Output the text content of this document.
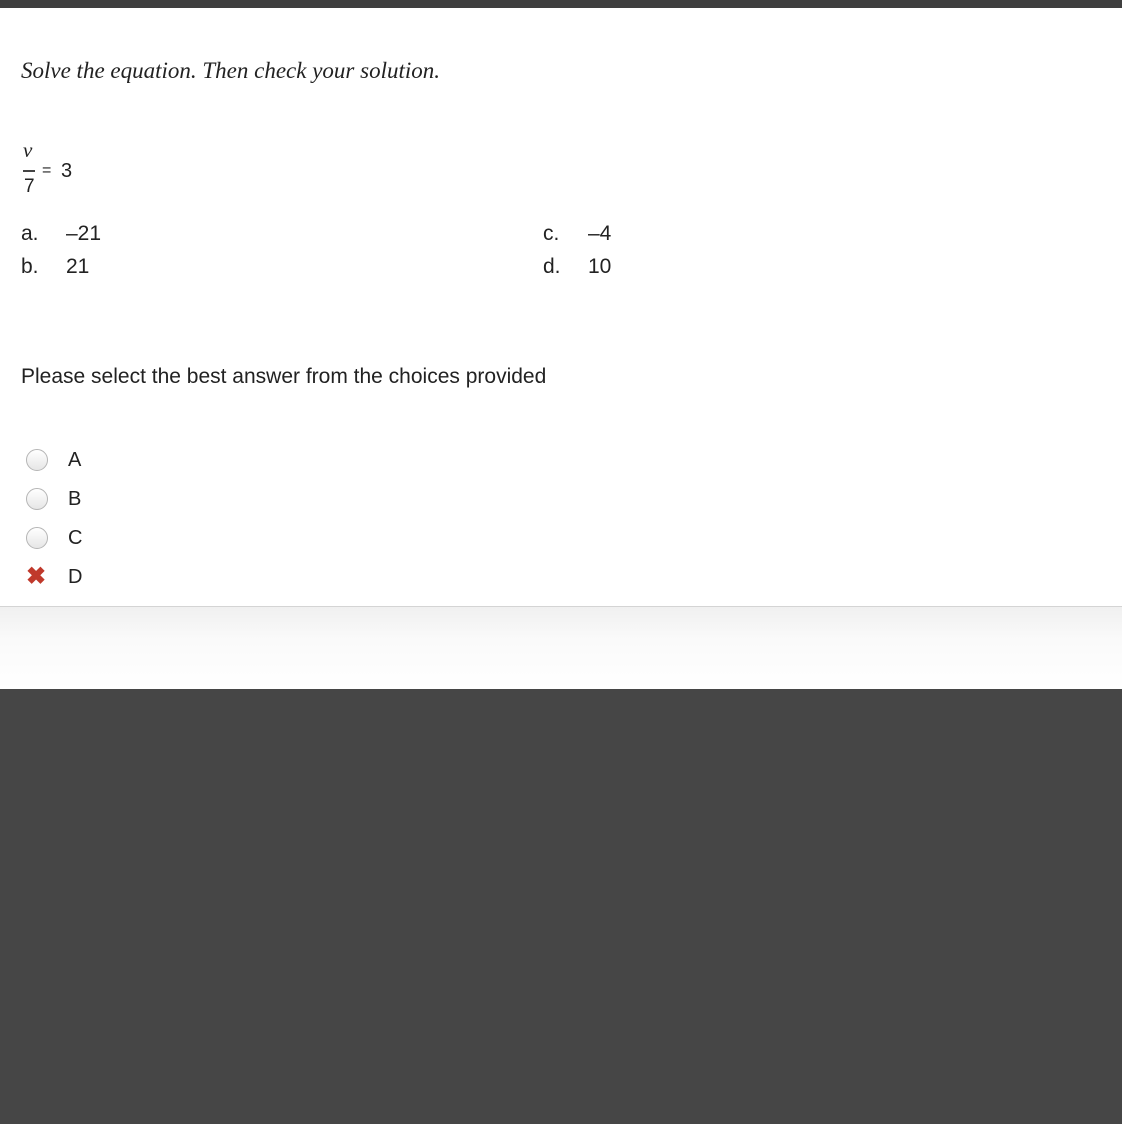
Solve the equation. Then check your solution.
v
7
= 3
a. –21
b. 21
c. –4
d. 10
Please select the best answer from the choices provided
A
B
C
✖ D
